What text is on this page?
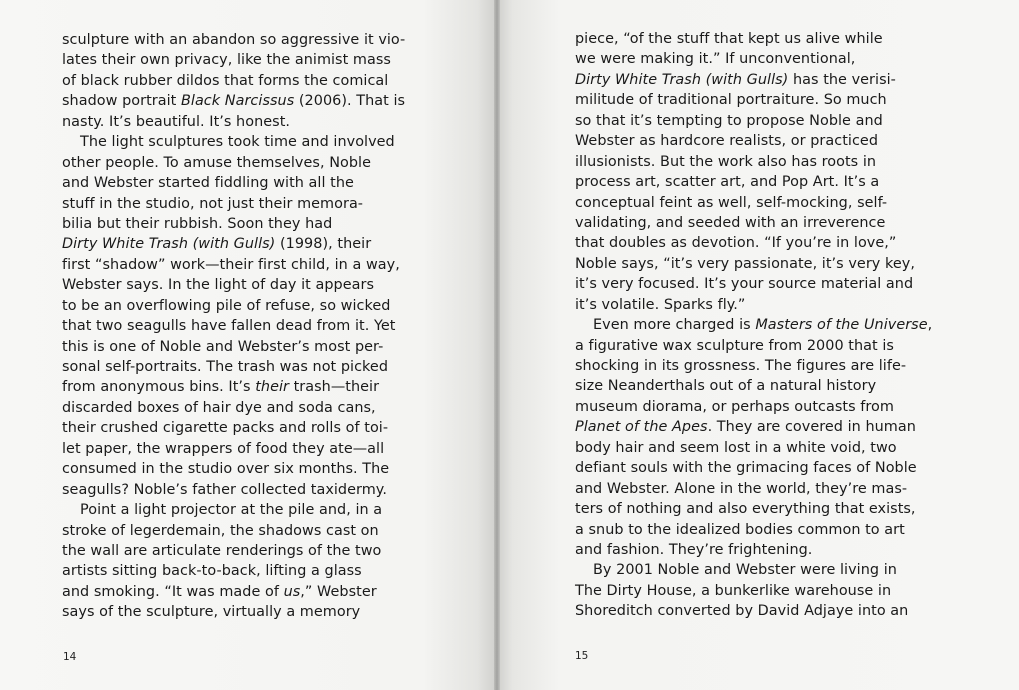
sculpture with an abandon so aggressive it vio-
lates their own privacy, like the animist mass
of black rubber dildos that forms the comical
shadow portrait Black Narcissus (2006). That is
nasty. It’s beautiful. It’s honest.
The light sculptures took time and involved
other people. To amuse themselves, Noble
and Webster started fiddling with all the
stuff in the studio, not just their memora-
bilia but their rubbish. Soon they had
Dirty White Trash (with Gulls) (1998), their
first “shadow” work—their first child, in a way,
Webster says. In the light of day it appears
to be an overflowing pile of refuse, so wicked
that two seagulls have fallen dead from it. Yet
this is one of Noble and Webster’s most per-
sonal self-portraits. The trash was not picked
from anonymous bins. It’s their trash—their
discarded boxes of hair dye and soda cans,
their crushed cigarette packs and rolls of toi-
let paper, the wrappers of food they ate—all
consumed in the studio over six months. The
seagulls? Noble’s father collected taxidermy.
Point a light projector at the pile and, in a
stroke of legerdemain, the shadows cast on
the wall are articulate renderings of the two
artists sitting back-to-back, lifting a glass
and smoking. “It was made of us,” Webster
says of the sculpture, virtually a memory
14
piece, “of the stuff that kept us alive while
we were making it.” If unconventional,
Dirty White Trash (with Gulls) has the verisi-
militude of traditional portraiture. So much
so that it’s tempting to propose Noble and
Webster as hardcore realists, or practiced
illusionists. But the work also has roots in
process art, scatter art, and Pop Art. It’s a
conceptual feint as well, self-mocking, self-
validating, and seeded with an irreverence
that doubles as devotion. “If you’re in love,”
Noble says, “it’s very passionate, it’s very key,
it’s very focused. It’s your source material and
it’s volatile. Sparks fly.”
Even more charged is Masters of the Universe,
a figurative wax sculpture from 2000 that is
shocking in its grossness. The figures are life-
size Neanderthals out of a natural history
museum diorama, or perhaps outcasts from
Planet of the Apes. They are covered in human
body hair and seem lost in a white void, two
defiant souls with the grimacing faces of Noble
and Webster. Alone in the world, they’re mas-
ters of nothing and also everything that exists,
a snub to the idealized bodies common to art
and fashion. They’re frightening.
By 2001 Noble and Webster were living in
The Dirty House, a bunkerlike warehouse in
Shoreditch converted by David Adjaye into an
15
